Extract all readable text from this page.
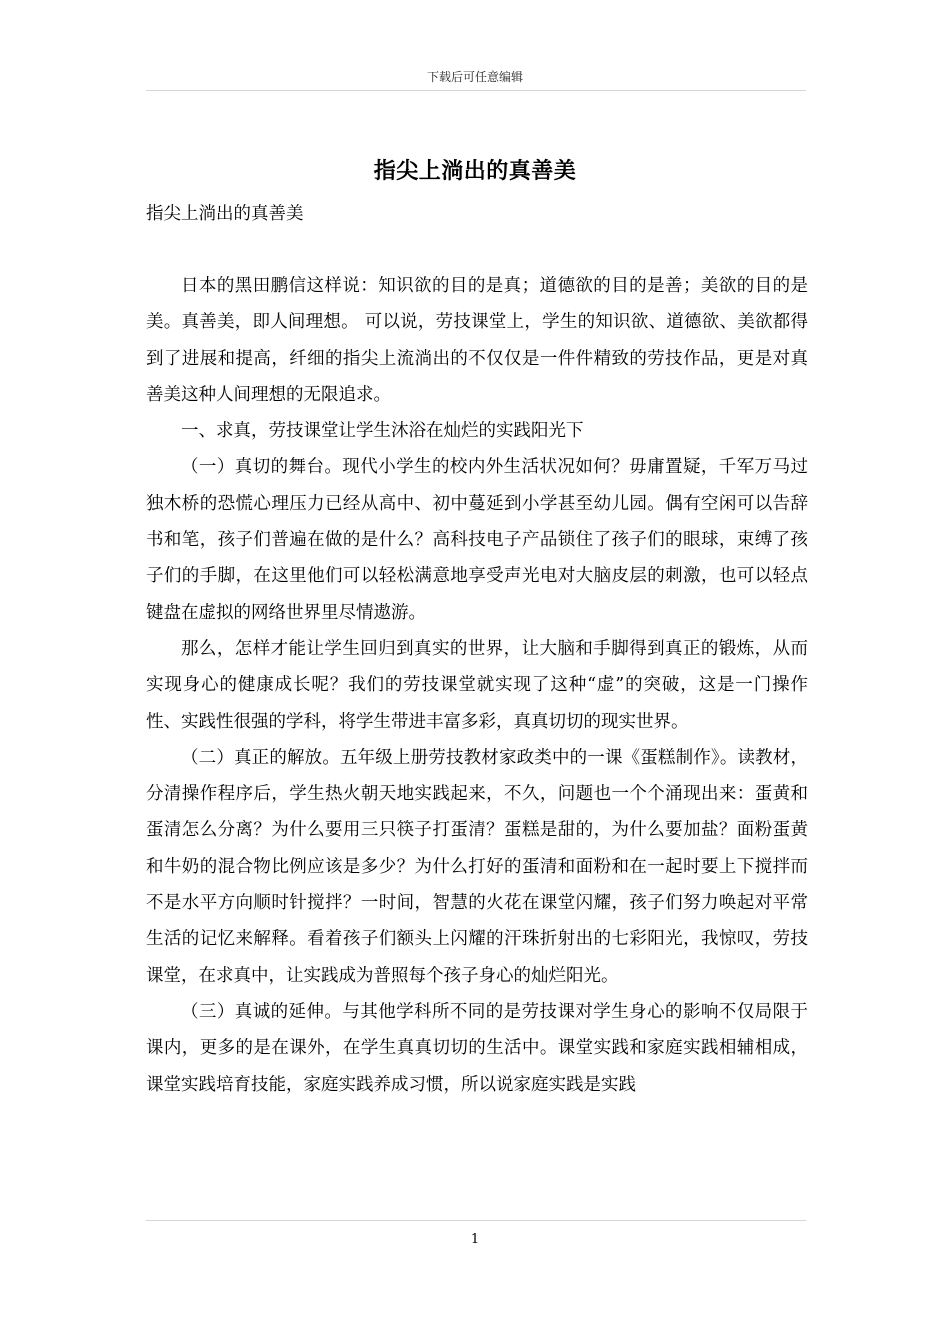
下载后可任意编辑
指尖上淌出的真善美
指尖上淌出的真善美

日本的黑田鹏信这样说：知识欲的目的是真；道德欲的目的是善；美欲的目的是美。真善美，即人间理想。 可以说，劳技课堂上，学生的知识欲、道德欲、美欲都得到了进展和提高，纤细的指尖上流淌出的不仅仅是一件件精致的劳技作品，更是对真善美这种人间理想的无限追求。

一、求真，劳技课堂让学生沐浴在灿烂的实践阳光下

（一）真切的舞台。现代小学生的校内外生活状况如何？毋庸置疑，千军万马过独木桥的恐慌心理压力已经从高中、初中蔓延到小学甚至幼儿园。偶有空闲可以告辞书和笔，孩子们普遍在做的是什么？高科技电子产品锁住了孩子们的眼球，束缚了孩子们的手脚，在这里他们可以轻松满意地享受声光电对大脑皮层的刺激，也可以轻点键盘在虚拟的网络世界里尽情遨游。

那么，怎样才能让学生回归到真实的世界，让大脑和手脚得到真正的锻炼，从而实现身心的健康成长呢？我们的劳技课堂就实现了这种“虚”的突破，这是一门操作性、实践性很强的学科，将学生带进丰富多彩，真真切切的现实世界。

（二）真正的解放。五年级上册劳技教材家政类中的一课《蛋糕制作》。读教材，分清操作程序后，学生热火朝天地实践起来，不久，问题也一个个涌现出来：蛋黄和蛋清怎么分离？为什么要用三只筷子打蛋清？蛋糕是甜的，为什么要加盐？面粉蛋黄和牛奶的混合物比例应该是多少？为什么打好的蛋清和面粉和在一起时要上下搅拌而不是水平方向顺时针搅拌？一时间，智慧的火花在课堂闪耀，孩子们努力唤起对平常生活的记忆来解释。看着孩子们额头上闪耀的汗珠折射出的七彩阳光，我惊叹，劳技课堂，在求真中，让实践成为普照每个孩子身心的灿烂阳光。

（三）真诚的延伸。与其他学科所不同的是劳技课对学生身心的影响不仅局限于课内，更多的是在课外，在学生真真切切的生活中。课堂实践和家庭实践相辅相成，课堂实践培育技能，家庭实践养成习惯，所以说家庭实践是实践

1
